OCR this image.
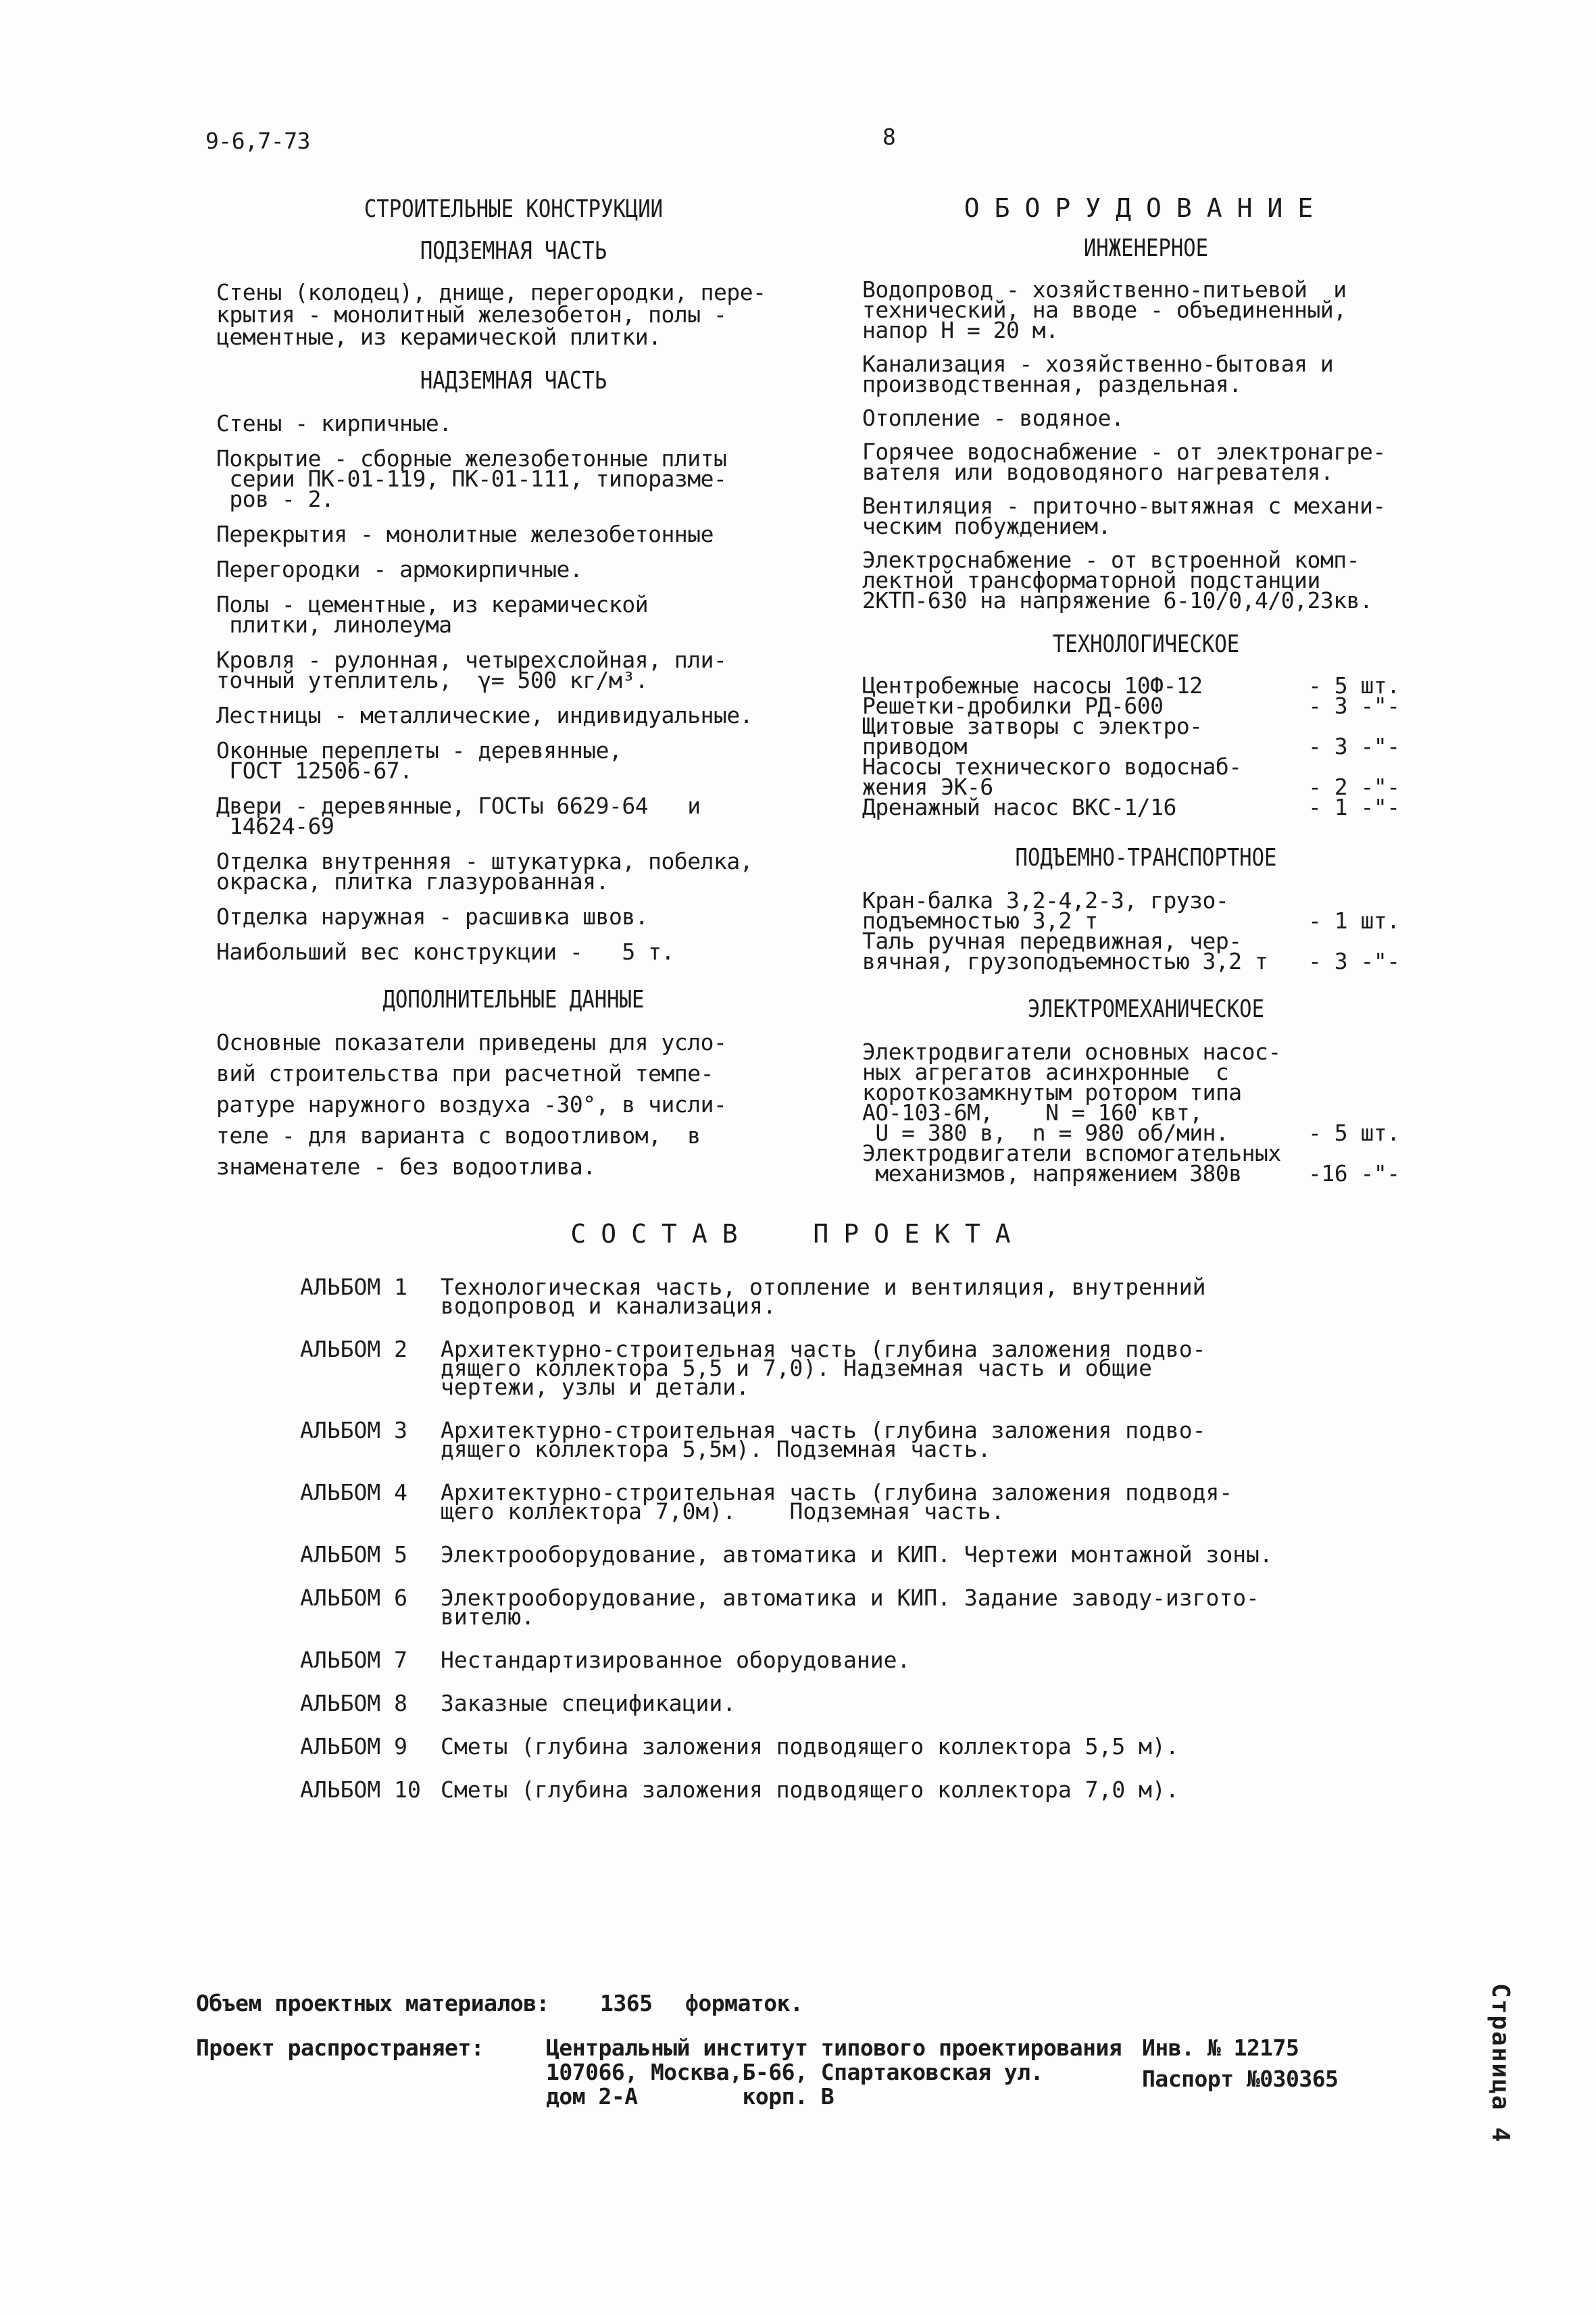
9-6,7-73	8
СТРОИТЕЛЬНЫЕ КОНСТРУКЦИИ
ПОДЗЕМНАЯ ЧАСТЬ
Стены (колодец), днище, перегородки, пере-
крытия - монолитный железобетон, полы -
цементные, из керамической плитки.
НАДЗЕМНАЯ ЧАСТЬ
Стены - кирпичные.
Покрытие - сборные железобетонные плиты
серии ПК-01-119, ПК-01-111, типоразме-
ров - 2.
Перекрытия - монолитные железобетонные
Перегородки - армокирпичные.
Полы - цементные, из керамической
плитки, линолеума
Кровля - рулонная, четырехслойная, пли-
точный утеплитель,  γ= 500 кг/м³.
Лестницы - металлические, индивидуальные.
Оконные переплеты - деревянные,
ГОСТ 12506-67.
Двери - деревянные, ГОСТы 6629-64   и
14624-69
Отделка внутренняя - штукатурка, побелка,
окраска, плитка глазурованная.
Отделка наружная - расшивка швов.
Наибольший вес конструкции -   5 т.
ДОПОЛНИТЕЛЬНЫЕ ДАННЫЕ
Основные показатели приведены для усло-
вий строительства при расчетной темпе-
ратуре наружного воздуха -30°, в числи-
теле - для варианта с водоотливом,  в
знаменателе - без водоотлива.
ОБОРУДОВАНИЕ
ИНЖЕНЕРНОЕ
Водопровод - хозяйственно-питьевой  и
технический, на вводе - объединенный,
напор Н = 20 м.
Канализация - хозяйственно-бытовая и
производственная, раздельная.
Отопление - водяное.
Горячее водоснабжение - от электронагре-
вателя или водоводяного нагревателя.
Вентиляция - приточно-вытяжная с механи-
ческим побуждением.
Электроснабжение - от встроенной комп-
лектной трансформаторной подстанции
2КТП-630 на напряжение 6-10/0,4/0,23кв.
ТЕХНОЛОГИЧЕСКОЕ
Центробежные насосы 10Ф-12	- 5 шт.
Решетки-дробилки РД-600	- 3 -"-
Щитовые затворы с электро-
приводом	- 3 -"-
Насосы технического водоснаб-
жения ЭК-6	- 2 -"-
Дренажный насос ВКС-1/16	- 1 -"-
ПОДЪЕМНО-ТРАНСПОРТНОЕ
Кран-балка 3,2-4,2-3, грузо-
подъемностью 3,2 т	- 1 шт.
Таль ручная передвижная, чер-
вячная, грузоподъемностью 3,2 т - 3 -"-
ЭЛЕКТРОМЕХАНИЧЕСКОЕ
Электродвигатели основных насос-
ных агрегатов асинхронные  с
короткозамкнутым ротором типа
АО-103-6М,    N = 160 квт,
U = 380 в,  n = 980 об/мин.	- 5 шт.
Электродвигатели вспомогательных
механизмов, напряжением 380в	-16 -"-
СОСТАВ  ПРОЕКТА
АЛЬБОМ 1 Технологическая часть, отопление и вентиляция, внутренний
водопровод и канализация.
АЛЬБОМ 2 Архитектурно-строительная часть (глубина заложения подво-
дящего коллектора 5,5 и 7,0). Надземная часть и общие
чертежи, узлы и детали.
АЛЬБОМ 3 Архитектурно-строительная часть (глубина заложения подво-
дящего коллектора 5,5м). Подземная часть.
АЛЬБОМ 4 Архитектурно-строительная часть (глубина заложения подводя-
щего коллектора 7,0м).    Подземная часть.
АЛЬБОМ 5 Электрооборудование, автоматика и КИП. Чертежи монтажной зоны.
АЛЬБОМ 6 Электрооборудование, автоматика и КИП. Задание заводу-изгото-
вителю.
АЛЬБОМ 7 Нестандартизированное оборудование.
АЛЬБОМ 8 Заказные спецификации.
АЛЬБОМ 9 Сметы (глубина заложения подводящего коллектора 5,5 м).
АЛЬБОМ 10 Сметы (глубина заложения подводящего коллектора 7,0 м).
Объем проектных материалов: 1365 форматок.
Проект распространяет:	Центральный институт типового проектирования
107066, Москва,Б-66, Спартаковская ул.
дом 2-А        корп. В
Инв. № 12175
Паспорт №030365	Страница 4
